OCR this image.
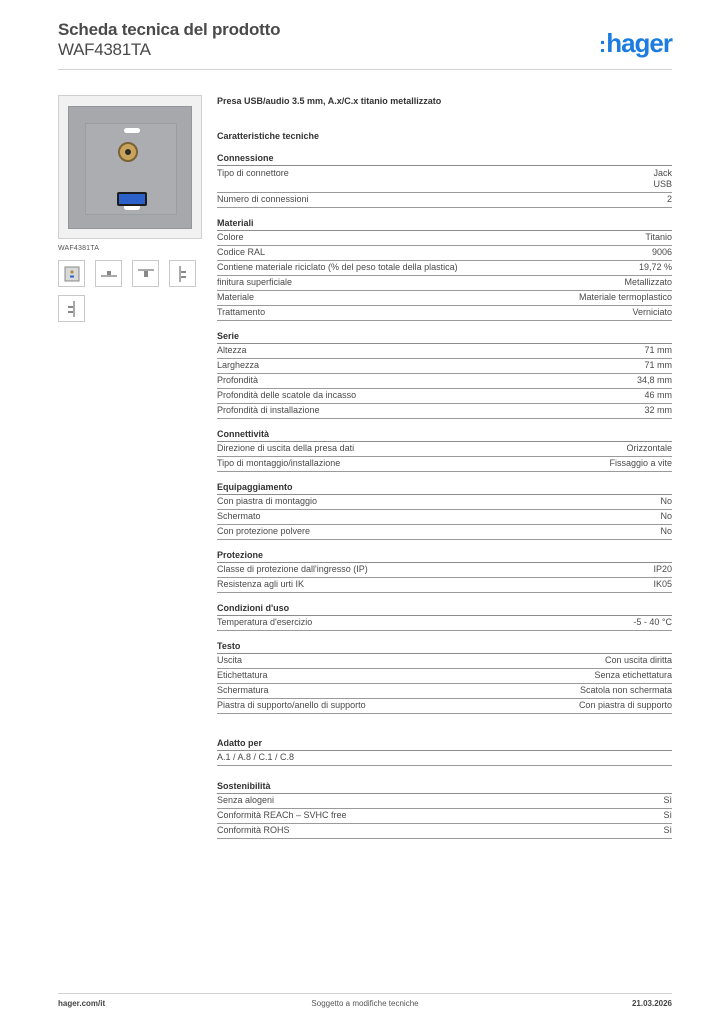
Scheda tecnica del prodotto
WAF4381TA	:hager
WAF4381TA
Presa USB/audio 3.5 mm, A.x/C.x titanio metallizzato
Caratteristiche tecniche
Connessione
Tipo di connettore	Jack
USB
Numero di connessioni	2
Materiali
Colore	Titanio
Codice RAL	9006
Contiene materiale riciclato (% del peso totale della plastica)	19,72 %
finitura superficiale	Metallizzato
Materiale	Materiale termoplastico
Trattamento	Verniciato
Serie
Altezza	71 mm
Larghezza	71 mm
Profondità	34,8 mm
Profondità delle scatole da incasso	46 mm
Profondità di installazione	32 mm
Connettività
Direzione di uscita della presa dati	Orizzontale
Tipo di montaggio/installazione	Fissaggio a vite
Equipaggiamento
Con piastra di montaggio	No
Schermato	No
Con protezione polvere	No
Protezione
Classe di protezione dall'ingresso (IP)	IP20
Resistenza agli urti IK	IK05
Condizioni d'uso
Temperatura d'esercizio	-5 - 40 °C
Testo
Uscita	Con uscita diritta
Etichettatura	Senza etichettatura
Schermatura	Scatola non schermata
Piastra di supporto/anello di supporto	Con piastra di supporto
Adatto per
A.1 / A.8 / C.1 / C.8
Sostenibilità
Senza alogeni	Sì
Conformità REACh – SVHC free	Sì
Conformità ROHS	Sì
hager.com/it	Soggetto a modifiche tecniche	21.03.2026
